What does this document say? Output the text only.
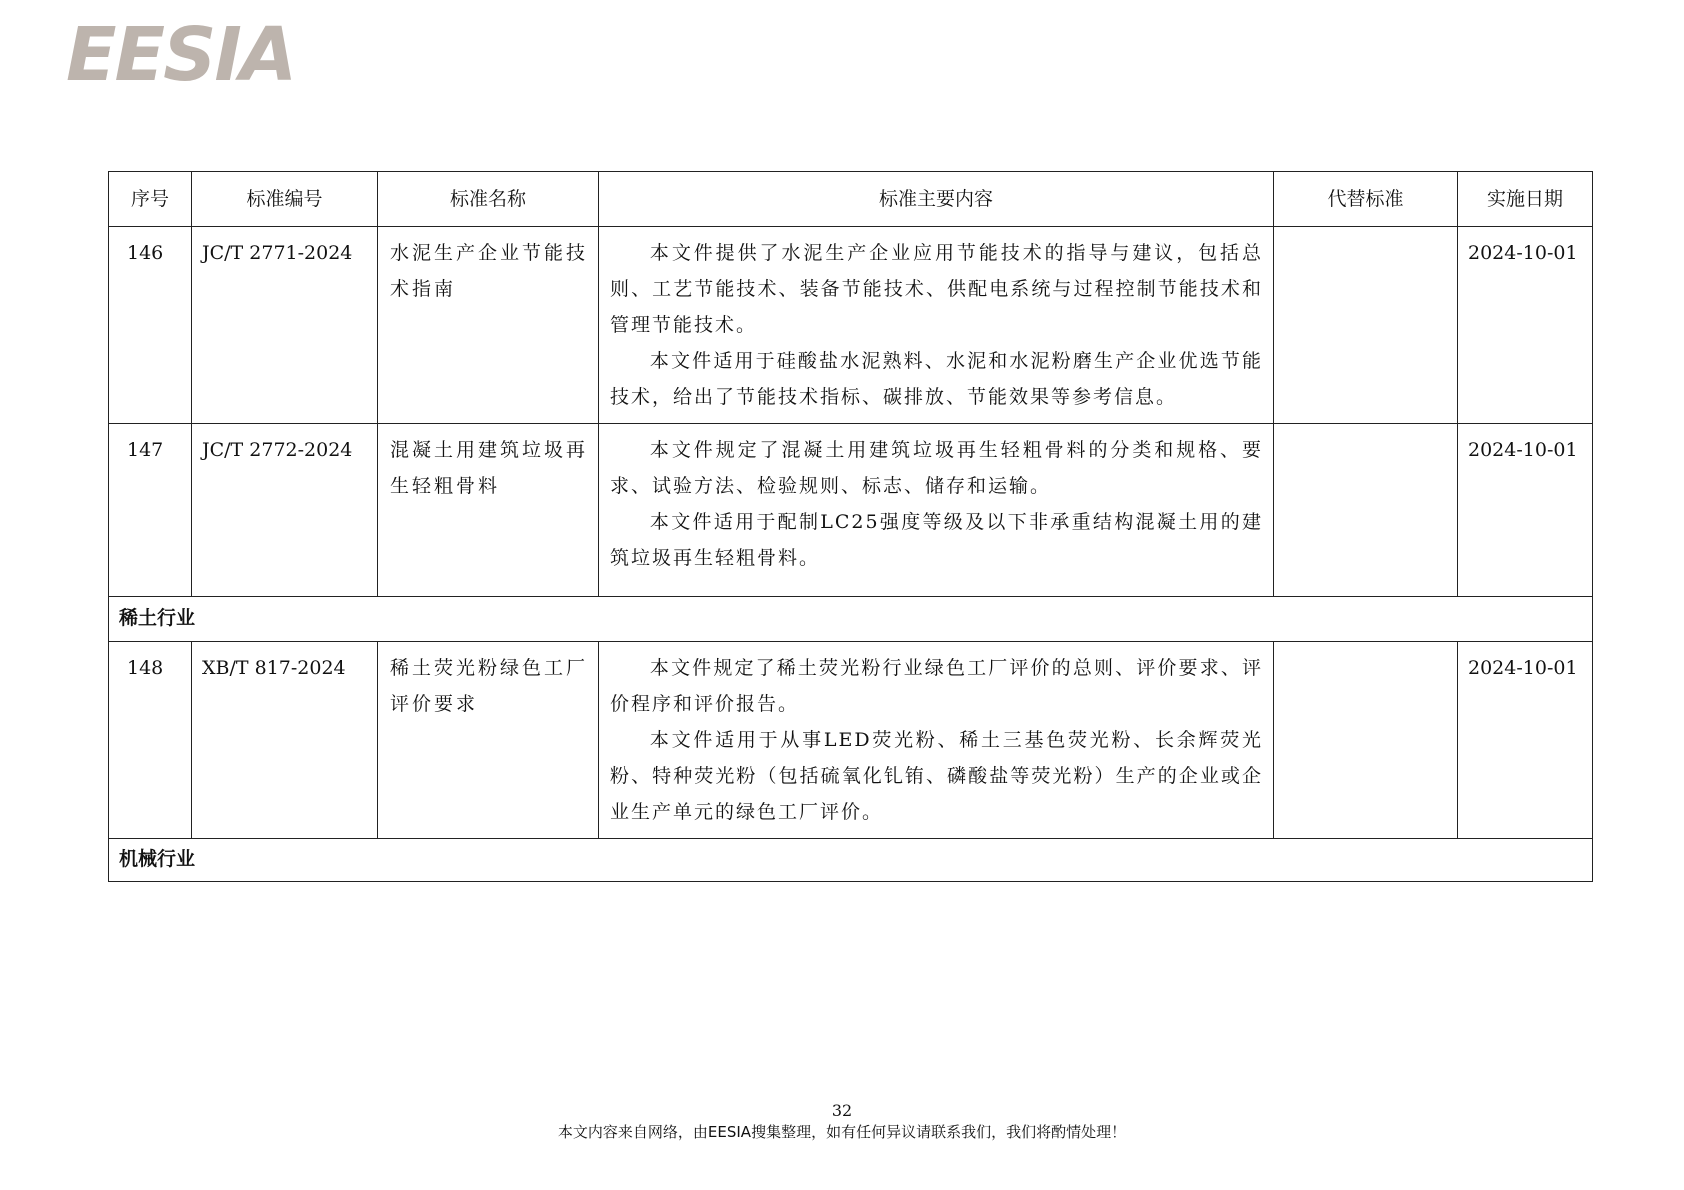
EESIA
序号	标准编号	标准名称	标准主要内容	代替标准	实施日期
146	JC/T 2771-2024	水泥生产企业节能技术指南	本文件提供了水泥生产企业应用节能技术的指导与建议，包括总则、工艺节能技术、装备节能技术、供配电系统与过程控制节能技术和管理节能技术。

本文件适用于硅酸盐水泥熟料、水泥和水泥粉磨生产企业优选节能技术，给出了节能技术指标、碳排放、节能效果等参考信息。		2024-10-01
147	JC/T 2772-2024	混凝土用建筑垃圾再生轻粗骨料	本文件规定了混凝土用建筑垃圾再生轻粗骨料的分类和规格、要求、试验方法、检验规则、标志、储存和运输。

本文件适用于配制LC25强度等级及以下非承重结构混凝土用的建筑垃圾再生轻粗骨料。		2024-10-01
稀土行业					
148	XB/T 817-2024	稀土荧光粉绿色工厂评价要求	本文件规定了稀土荧光粉行业绿色工厂评价的总则、评价要求、评价程序和评价报告。

本文件适用于从事LED荧光粉、稀土三基色荧光粉、长余辉荧光粉、特种荧光粉（包括硫氧化钆铕、磷酸盐等荧光粉）生产的企业或企业生产单元的绿色工厂评价。		2024-10-01
机械行业					
32
本文内容来自网络，由EESIA搜集整理，如有任何异议请联系我们，我们将酌情处理！
